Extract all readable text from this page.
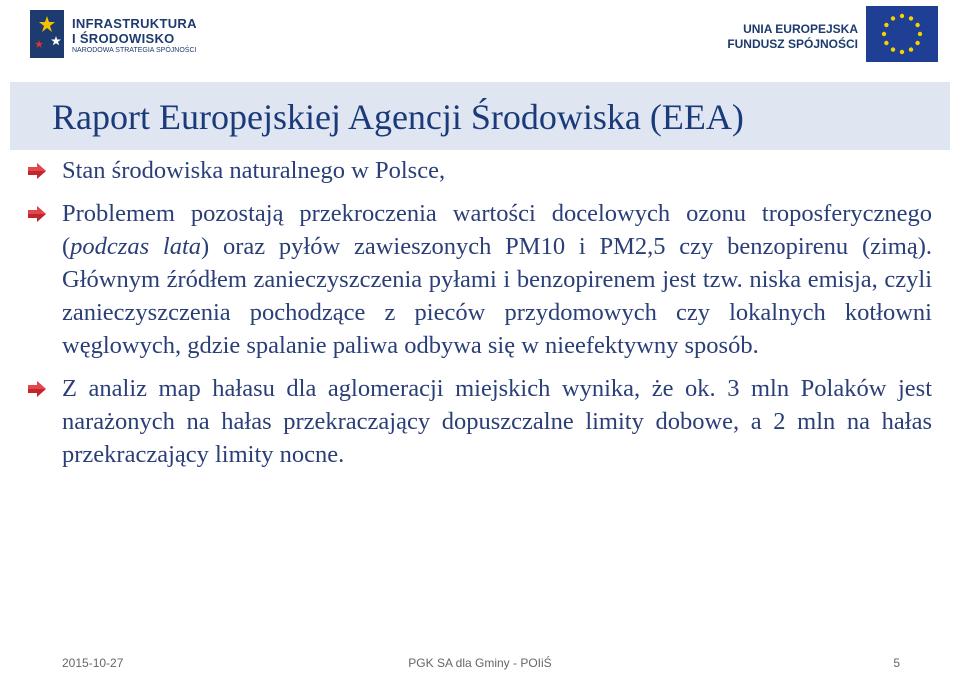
INFRASTRUKTURA
I ŚRODOWISKO
NARODOWA STRATEGIA SPÓJNOŚCI
UNIA EUROPEJSKA
FUNDUSZ SPÓJNOŚCI
Raport Europejskiej Agencji Środowiska (EEA)
Stan środowiska naturalnego w Polsce,
Problemem pozostają przekroczenia wartości docelowych ozonu troposferycznego (podczas lata) oraz pyłów zawieszonych PM10 i PM2,5 czy benzopirenu (zimą). Głównym źródłem zanieczyszczenia pyłami i benzopirenem jest tzw. niska emisja, czyli zanieczyszczenia pochodzące z pieców przydomowych czy lokalnych kotłowni węglowych, gdzie spalanie paliwa odbywa się w nieefektywny sposób.
Z analiz map hałasu dla aglomeracji miejskich wynika, że ok. 3 mln Polaków jest narażonych na hałas przekraczający dopuszczalne limity dobowe, a 2 mln na hałas przekraczający limity nocne.
2015-10-27	PGK SA dla Gminy - POIiŚ	5
